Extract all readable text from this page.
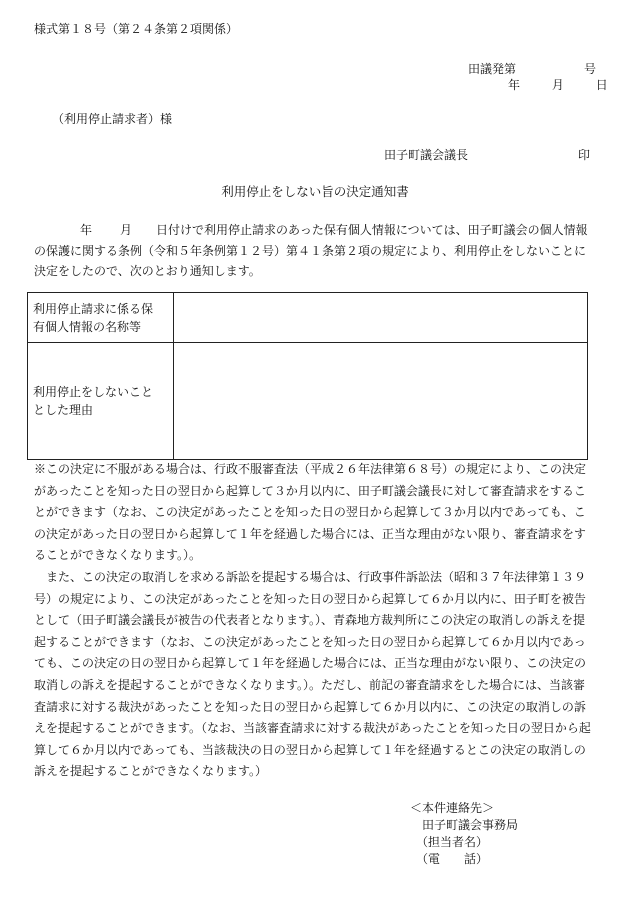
様式第１８号（第２４条第２項関係）
田議発第	号
年	月	日
（利用停止請求者）様
田子町議会議長	印
利用停止をしない旨の決定通知書
年 月 日付けで利用停止請求のあった保有個人情報については、田子町議会の個人情報の保護に関する条例（令和５年条例第１２号）第４１条第２項の規定により、利用停止をしないことに決定をしたので、次のとおり通知します。
利用停止請求に係る保
有個人情報の名称等	

利用停止をしないこと
とした理由	

※この決定に不服がある場合は、行政不服審査法（平成２６年法律第６８号）の規定により、この決定があったことを知った日の翌日から起算して３か月以内に、田子町議会議長に対して審査請求をすることができます（なお、この決定があったことを知った日の翌日から起算して３か月以内であっても、この決定があった日の翌日から起算して１年を経過した場合には、正当な理由がない限り、審査請求をすることができなくなります。）。

また、この決定の取消しを求める訴訟を提起する場合は、行政事件訴訟法（昭和３７年法律第１３９号）の規定により、この決定があったことを知った日の翌日から起算して６か月以内に、田子町を被告として（田子町議会議長が被告の代表者となります。）、青森地方裁判所にこの決定の取消しの訴えを提起することができます（なお、この決定があったことを知った日の翌日から起算して６か月以内であっても、この決定の日の翌日から起算して１年を経過した場合には、正当な理由がない限り、この決定の取消しの訴えを提起することができなくなります。）。ただし、前記の審査請求をした場合には、当該審査請求に対する裁決があったことを知った日の翌日から起算して６か月以内に、この決定の取消しの訴えを提起することができます。（なお、当該審査請求に対する裁決があったことを知った日の翌日から起算して６か月以内であっても、当該裁決の日の翌日から起算して１年を経過するとこの決定の取消しの訴えを提起することができなくなります。）

＜本件連絡先＞
田子町議会事務局
（担当者名）
（電　　話）
